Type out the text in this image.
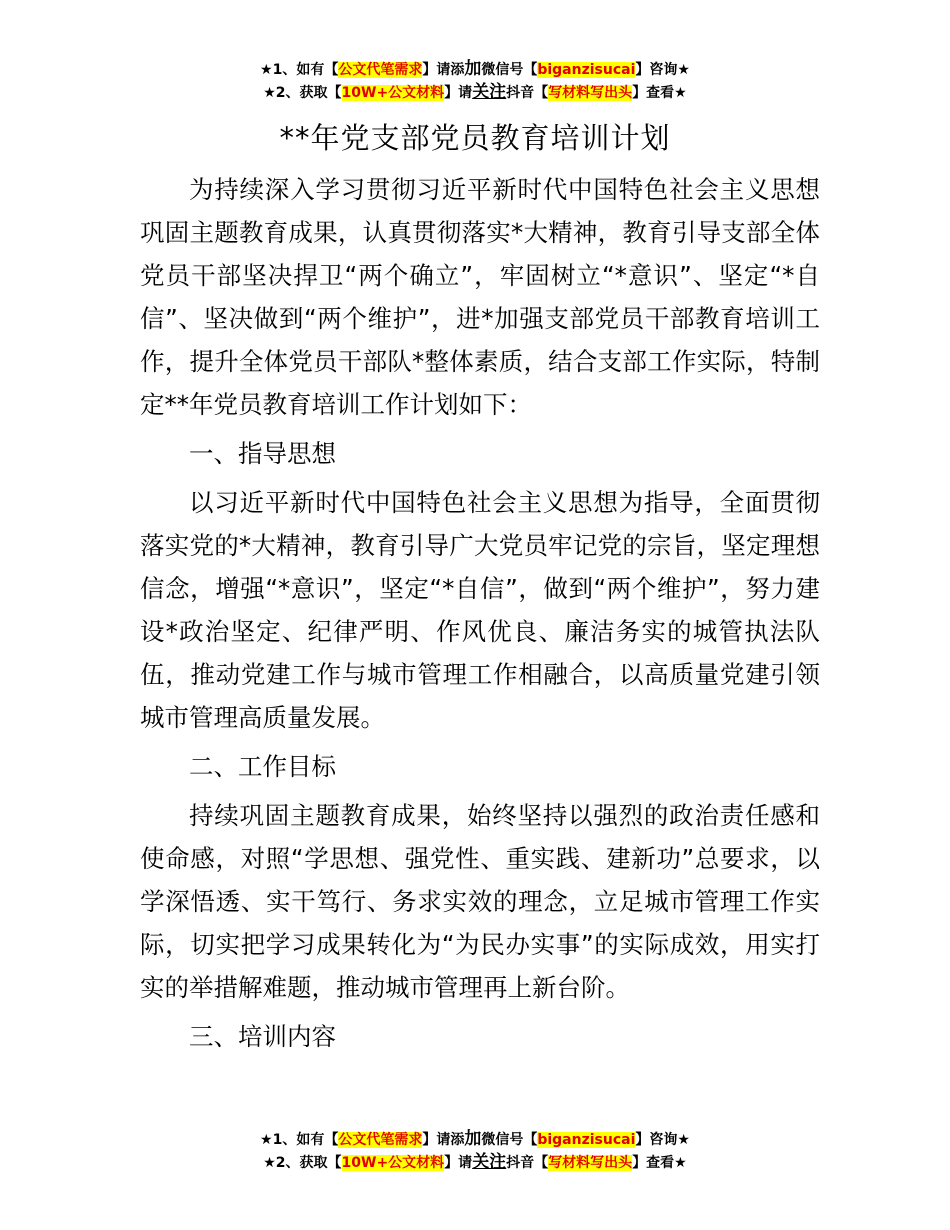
★1、如有【公文代笔需求】请添加微信号【biganzisucai】咨询★
★2、获取【10W+公文材料】请关注抖音【写材料写出头】查看★
**年党支部党员教育培训计划

为持续深入学习贯彻习近平新时代中国特色社会主义思想巩固主题教育成果，认真贯彻落实*大精神，教育引导支部全体党员干部坚决捍卫“两个确立”，牢固树立“*意识”、坚定“*自信”、坚决做到“两个维护”，进*加强支部党员干部教育培训工作，提升全体党员干部队*整体素质，结合支部工作实际，特制定**年党员教育培训工作计划如下：

一、指导思想

以习近平新时代中国特色社会主义思想为指导，全面贯彻落实党的*大精神，教育引导广大党员牢记党的宗旨，坚定理想信念，增强“*意识”，坚定“*自信”，做到“两个维护”，努力建设*政治坚定、纪律严明、作风优良、廉洁务实的城管执法队伍，推动党建工作与城市管理工作相融合，以高质量党建引领城市管理高质量发展。

二、工作目标

持续巩固主题教育成果，始终坚持以强烈的政治责任感和使命感，对照“学思想、强党性、重实践、建新功”总要求，以学深悟透、实干笃行、务求实效的理念，立足城市管理工作实际，切实把学习成果转化为“为民办实事”的实际成效，用实打实的举措解难题，推动城市管理再上新台阶。

三、培训内容

★1、如有【公文代笔需求】请添加微信号【biganzisucai】咨询★
★2、获取【10W+公文材料】请关注抖音【写材料写出头】查看★
